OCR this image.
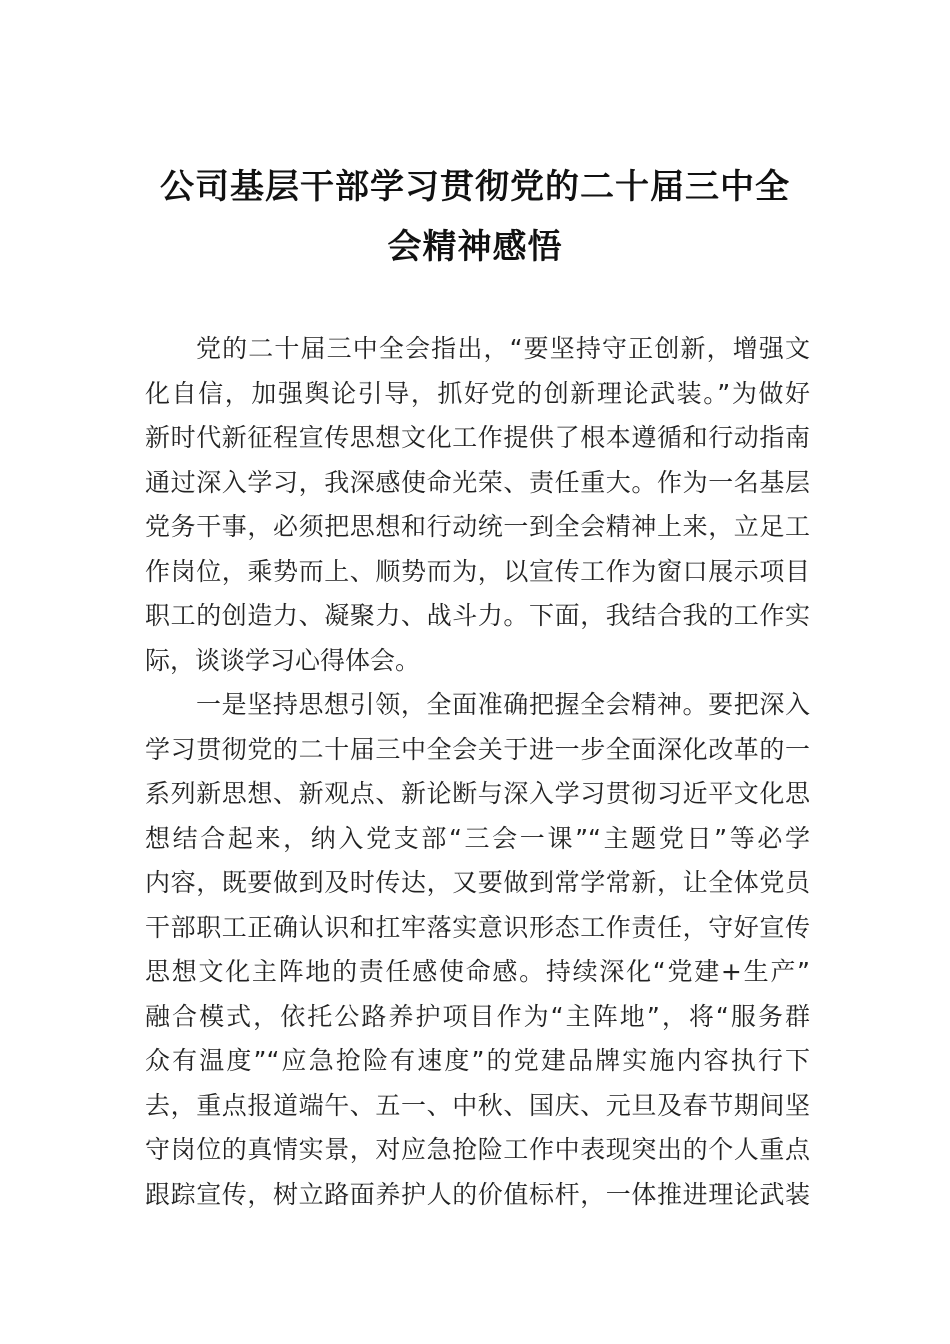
公司基层干部学习贯彻党的二十届三中全
会精神感悟
党的二十届三中全会指出，“要坚持守正创新，增强文
化自信，加强舆论引导，抓好党的创新理论武装。”为做好
新时代新征程宣传思想文化工作提供了根本遵循和行动指南
通过深入学习，我深感使命光荣、责任重大。作为一名基层
党务干事，必须把思想和行动统一到全会精神上来，立足工
作岗位，乘势而上、顺势而为，以宣传工作为窗口展示项目
职工的创造力、凝聚力、战斗力。下面，我结合我的工作实
际，谈谈学习心得体会。
一是坚持思想引领，全面准确把握全会精神。要把深入
学习贯彻党的二十届三中全会关于进一步全面深化改革的一
系列新思想、新观点、新论断与深入学习贯彻习近平文化思
想结合起来，纳入党支部“三会一课”“主题党日”等必学
内容，既要做到及时传达，又要做到常学常新，让全体党员
干部职工正确认识和扛牢落实意识形态工作责任，守好宣传
思想文化主阵地的责任感使命感。持续深化“党建+生产”
融合模式，依托公路养护项目作为“主阵地”，将“服务群
众有温度”“应急抢险有速度”的党建品牌实施内容执行下
去，重点报道端午、五一、中秋、国庆、元旦及春节期间坚
守岗位的真情实景，对应急抢险工作中表现突出的个人重点
跟踪宣传，树立路面养护人的价值标杆，一体推进理论武装
